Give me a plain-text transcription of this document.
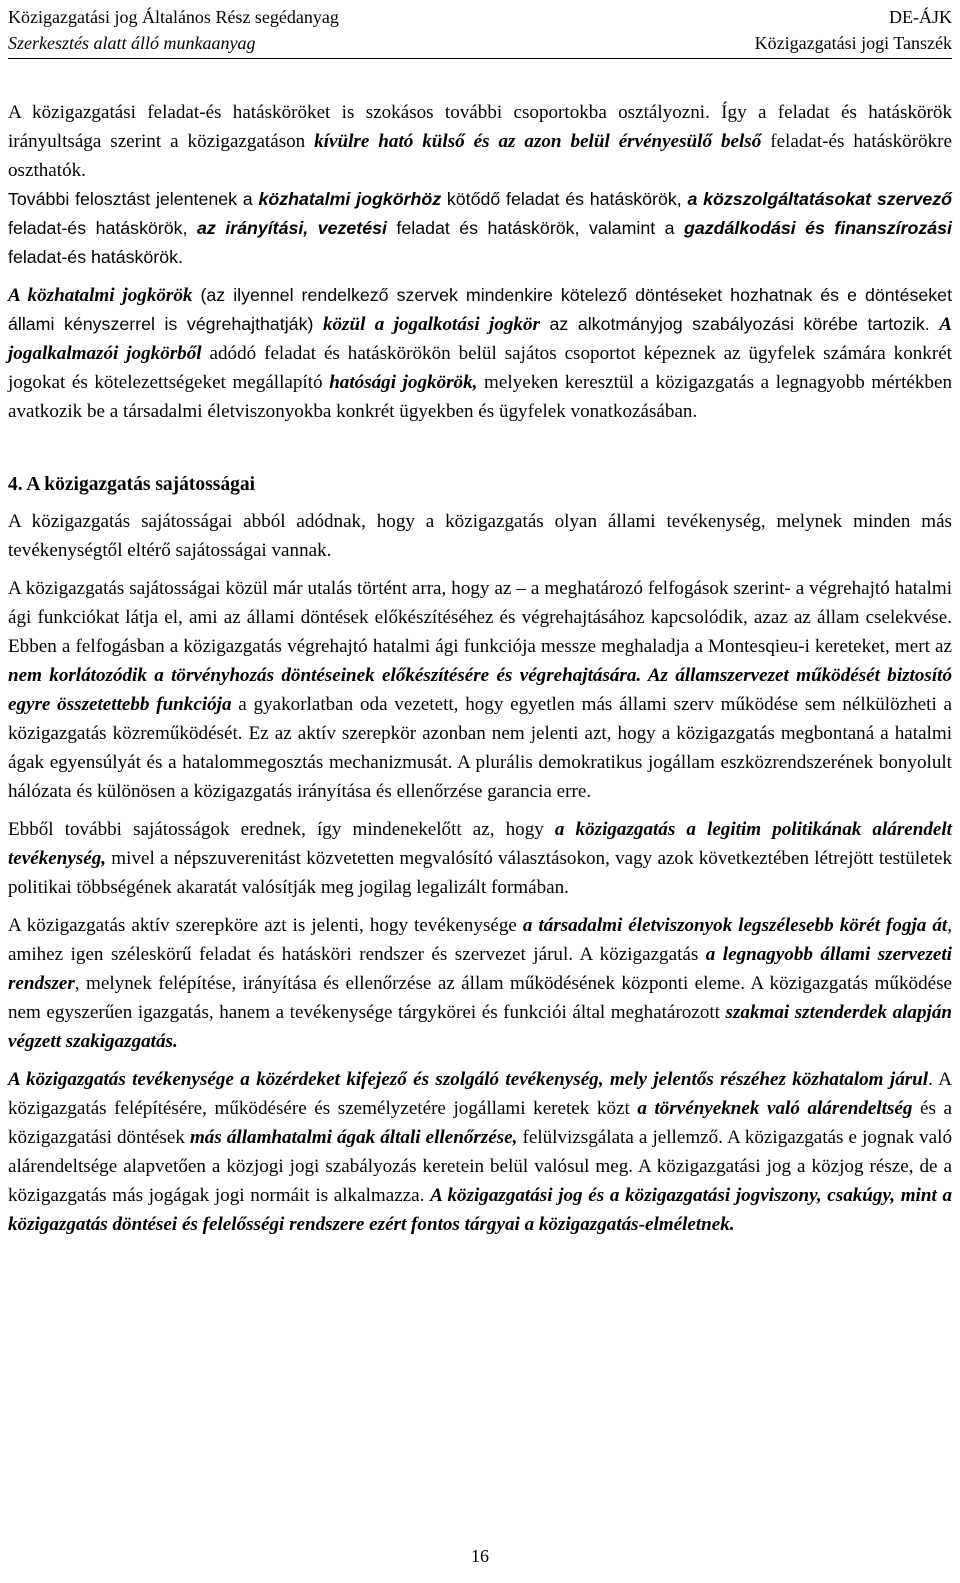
Közigazgatási jog Általános Rész segédanyag
Szerkesztés alatt álló munkaanyag
DE-ÁJK
Közigazgatási jogi Tanszék

A közigazgatási feladat-és hatásköröket is szokásos további csoportokba osztályozni. Így a feladat és hatáskörök irányultsága szerint a közigazgatáson kívülre ható külső és az azon belül érvényesülő belső feladat-és hatáskörökre oszthatók.

További felosztást jelentenek a közhatalmi jogkörhöz kötődő feladat és hatáskörök, a közszolgáltatásokat szervező feladat-és hatáskörök, az irányítási, vezetési feladat és hatáskörök, valamint a gazdálkodási és finanszírozási feladat-és hatáskörök.

A közhatalmi jogkörök (az ilyennel rendelkező szervek mindenkire kötelező döntéseket hozhatnak és e döntéseket állami kényszerrel is végrehajthatják) közül a jogalkotási jogkör az alkotmányjog szabályozási körébe tartozik. A jogalkalmazói jogkörből adódó feladat és hatáskörökön belül sajátos csoportot képeznek az ügyfelek számára konkrét jogokat és kötelezettségeket megállapító hatósági jogkörök, melyeken keresztül a közigazgatás a legnagyobb mértékben avatkozik be a társadalmi életviszonyokba konkrét ügyekben és ügyfelek vonatkozásában.

4. A közigazgatás sajátosságai

A közigazgatás sajátosságai abból adódnak, hogy a közigazgatás olyan állami tevékenység, melynek minden más tevékenységtől eltérő sajátosságai vannak.

A közigazgatás sajátosságai közül már utalás történt arra, hogy az – a meghatározó felfogások szerint- a végrehajtó hatalmi ági funkciókat látja el, ami az állami döntések előkészítéséhez és végrehajtásához kapcsolódik, azaz az állam cselekvése. Ebben a felfogásban a közigazgatás végrehajtó hatalmi ági funkciója messze meghaladja a Montesqieu-i kereteket, mert az nem korlátozódik a törvényhozás döntéseinek előkészítésére és végrehajtására. Az államszervezet működését biztosító egyre összetettebb funkciója a gyakorlatban oda vezetett, hogy egyetlen más állami szerv működése sem nélkülözheti a közigazgatás közreműködését. Ez az aktív szerepkör azonban nem jelenti azt, hogy a közigazgatás megbontaná a hatalmi ágak egyensúlyát és a hatalommegosztás mechanizmusát. A plurális demokratikus jogállam eszközrendszerének bonyolult hálózata és különösen a közigazgatás irányítása és ellenőrzése garancia erre.

Ebből további sajátosságok erednek, így mindenekelőtt az, hogy a közigazgatás a legitim politikának alárendelt tevékenység, mivel a népszuverenitást közvetetten megvalósító választásokon, vagy azok következtében létrejött testületek politikai többségének akaratát valósítják meg jogilag legalizált formában.

A közigazgatás aktív szerepköre azt is jelenti, hogy tevékenysége a társadalmi életviszonyok legszélesebb körét fogja át, amihez igen széleskörű feladat és hatásköri rendszer és szervezet járul. A közigazgatás a legnagyobb állami szervezeti rendszer, melynek felépítése, irányítása és ellenőrzése az állam működésének központi eleme. A közigazgatás működése nem egyszerűen igazgatás, hanem a tevékenysége tárgykörei és funkciói által meghatározott szakmai sztenderdek alapján végzett szakigazgatás.

A közigazgatás tevékenysége a közérdeket kifejező és szolgáló tevékenység, mely jelentős részéhez közhatalom járul. A közigazgatás felépítésére, működésére és személyzetére jogállami keretek közt a törvényeknek való alárendeltség és a közigazgatási döntések más államhatalmi ágak általi ellenőrzése, felülvizsgálata a jellemző. A közigazgatás e jognak való alárendeltsége alapvetően a közjogi jogi szabályozás keretein belül valósul meg. A közigazgatási jog a közjog része, de a közigazgatás más jogágak jogi normáit is alkalmazza. A közigazgatási jog és a közigazgatási jogviszony, csakúgy, mint a közigazgatás döntései és felelősségi rendszere ezért fontos tárgyai a közigazgatás-elméletnek.

16
